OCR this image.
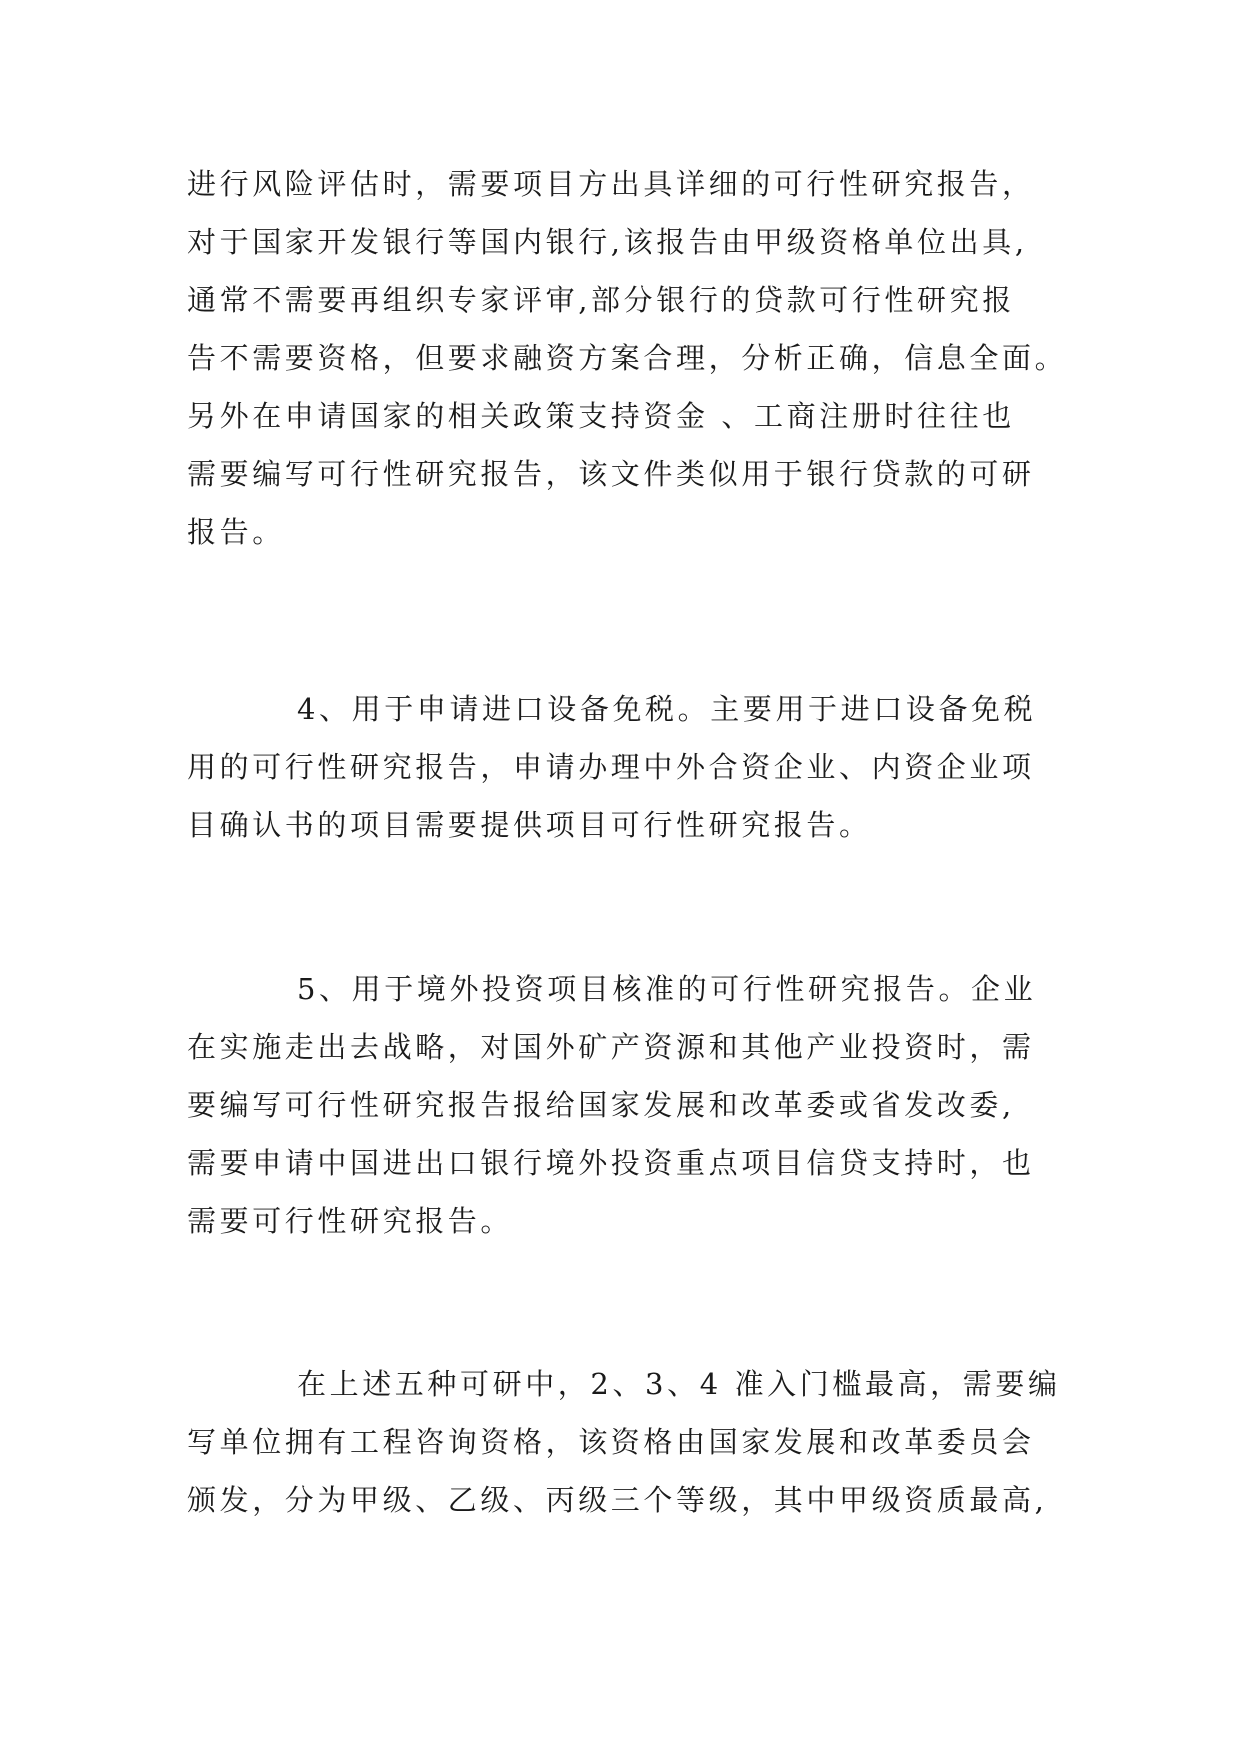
进行风险评估时，需要项目方出具详细的可行性研究报告，
对于国家开发银行等国内银行,该报告由甲级资格单位出具,
通常不需要再组织专家评审,部分银行的贷款可行性研究报
告不需要资格，但要求融资方案合理，分析正确，信息全面。
另外在申请国家的相关政策支持资金 、工商注册时往往也
需要编写可行性研究报告，该文件类似用于银行贷款的可研
报告。
4、用于申请进口设备免税。主要用于进口设备免税
用的可行性研究报告，申请办理中外合资企业、内资企业项
目确认书的项目需要提供项目可行性研究报告。
5、用于境外投资项目核准的可行性研究报告。企业
在实施走出去战略，对国外矿产资源和其他产业投资时，需
要编写可行性研究报告报给国家发展和改革委或省发改委,
需要申请中国进出口银行境外投资重点项目信贷支持时，也
需要可行性研究报告。
在上述五种可研中，2、3、4 准入门槛最高，需要编
写单位拥有工程咨询资格，该资格由国家发展和改革委员会
颁发，分为甲级、乙级、丙级三个等级，其中甲级资质最高,
